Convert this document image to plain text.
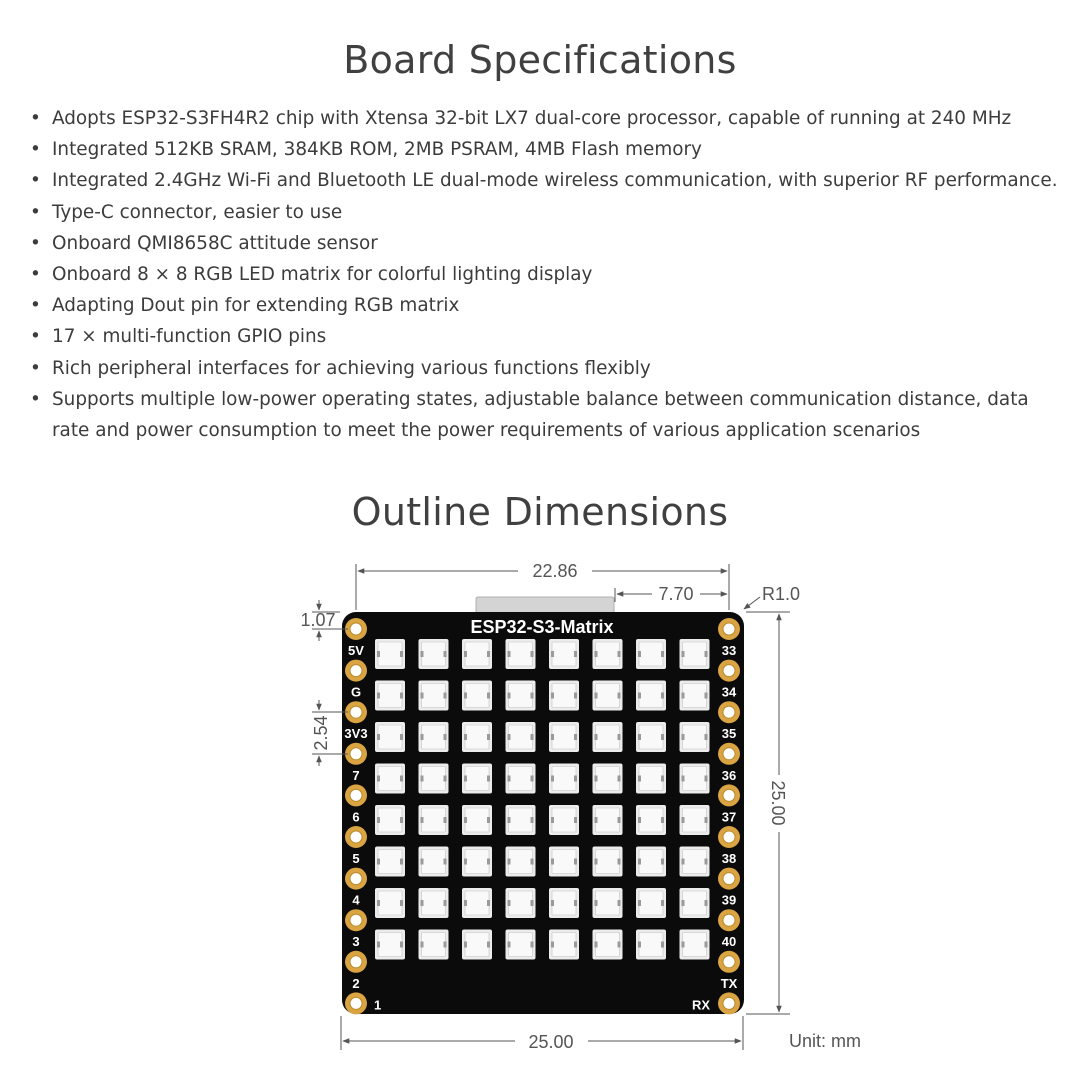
Board Specifications
• Adopts ESP32-S3FH4R2 chip with Xtensa 32-bit LX7 dual-core processor, capable of running at 240 MHz
• Integrated 512KB SRAM, 384KB ROM, 2MB PSRAM, 4MB Flash memory
• Integrated 2.4GHz Wi-Fi and Bluetooth LE dual-mode wireless communication, with superior RF performance.
• Type-C connector, easier to use
• Onboard QMI8658C attitude sensor
• Onboard 8 × 8 RGB LED matrix for colorful lighting display
• Adapting Dout pin for extending RGB matrix
• 17 × multi-function GPIO pins
• Rich peripheral interfaces for achieving various functions flexibly
• Supports multiple low-power operating states, adjustable balance between communication distance, data rate and power consumption to meet the power requirements of various application scenarios
Outline Dimensions
ESP32-S3-Matrix
5V
G
3V3
7
6
5
4
3
2
1
33
34
35
36
37
38
39
40
TX
RX
22.86
7.70	R1.0
1.07
2.54
25.00
25.00	Unit: mm
